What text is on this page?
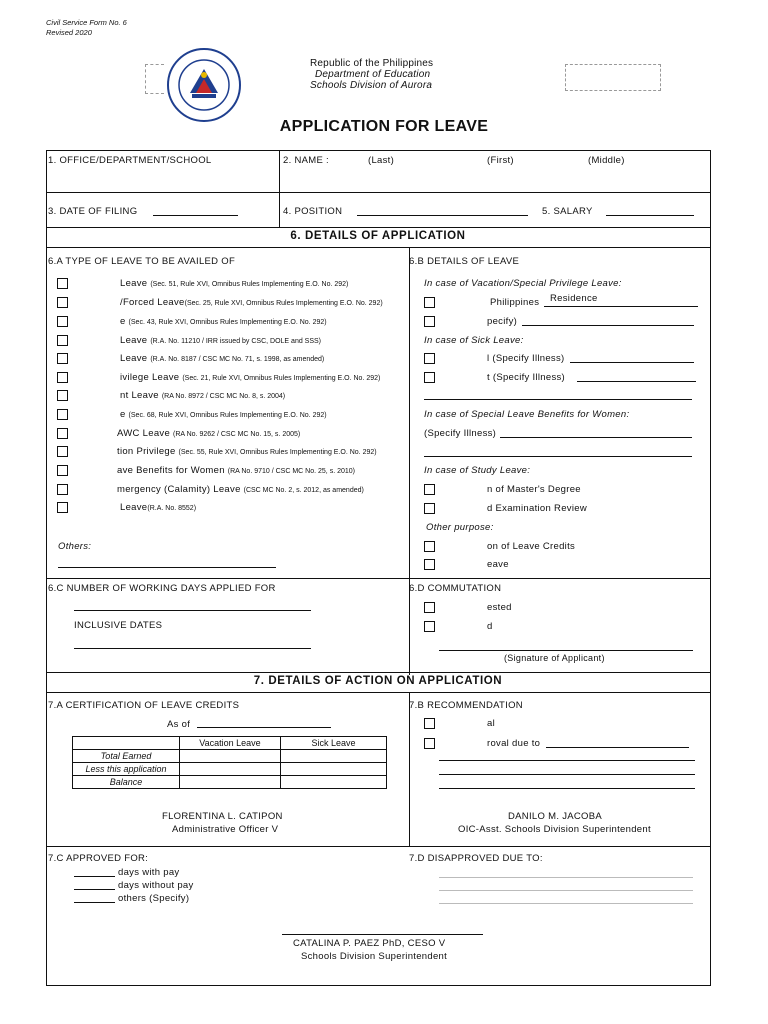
Civil Service Form No. 6
Revised 2020
Republic of the Philippines
Department of Education
Schools Division of Aurora
APPLICATION FOR LEAVE
1. OFFICE/DEPARTMENT/SCHOOL	2. NAME :	(Last)	(First)	(Middle)
3. DATE OF FILING	4. POSITION	5. SALARY
6. DETAILS OF APPLICATION
6.A TYPE OF LEAVE TO BE AVAILED OF	6.B DETAILS OF LEAVE
Leave (Sec. 51, Rule XVI, Omnibus Rules Implementing E.O. No. 292)
/Forced Leave(Sec. 25, Rule XVI, Omnibus Rules Implementing E.O. No. 292)
e (Sec. 43, Rule XVI, Omnibus Rules Implementing E.O. No. 292)
Leave (R.A. No. 11210 / IRR issued by CSC, DOLE and SSS)
Leave (R.A. No. 8187 / CSC MC No. 71, s. 1998, as amended)
ivilege Leave (Sec. 21, Rule XVI, Omnibus Rules Implementing E.O. No. 292)
nt Leave (RA No. 8972 / CSC MC No. 8, s. 2004)
e (Sec. 68, Rule XVI, Omnibus Rules Implementing E.O. No. 292)
AWC Leave (RA No. 9262 / CSC MC No. 15, s. 2005)
tion Privilege (Sec. 55, Rule XVI, Omnibus Rules Implementing E.O. No. 292)
ave Benefits for Women (RA No. 9710 / CSC MC No. 25, s. 2010)
mergency (Calamity) Leave (CSC MC No. 2, s. 2012, as amended)
Leave(R.A. No. 8552)
Others:
In case of Vacation/Special Privilege Leave:
Philippines Residence
pecify)
In case of Sick Leave:
l (Specify Illness)
t (Specify Illness)
In case of Special Leave Benefits for Women:
(Specify Illness)
In case of Study Leave:
n of Master's Degree
d Examination Review
Other purpose:
on of Leave Credits
eave
6.C NUMBER OF WORKING DAYS APPLIED FOR
INCLUSIVE DATES
6.D COMMUTATION
ested
d
(Signature of Applicant)
7. DETAILS OF ACTION ON APPLICATION
7.A CERTIFICATION OF LEAVE CREDITS
As of
	Vacation Leave	Sick Leave
Total Earned		
Less this application		
Balance		
FLORENTINA L. CATIPON
Administrative Officer V
7.B RECOMMENDATION
al
roval due to
DANILO M. JACOBA
OIC-Asst. Schools Division Superintendent
7.C APPROVED FOR:
days with pay
days without pay
others (Specify)
7.D DISAPPROVED DUE TO:
CATALINA P. PAEZ PhD, CESO V
Schools Division Superintendent
